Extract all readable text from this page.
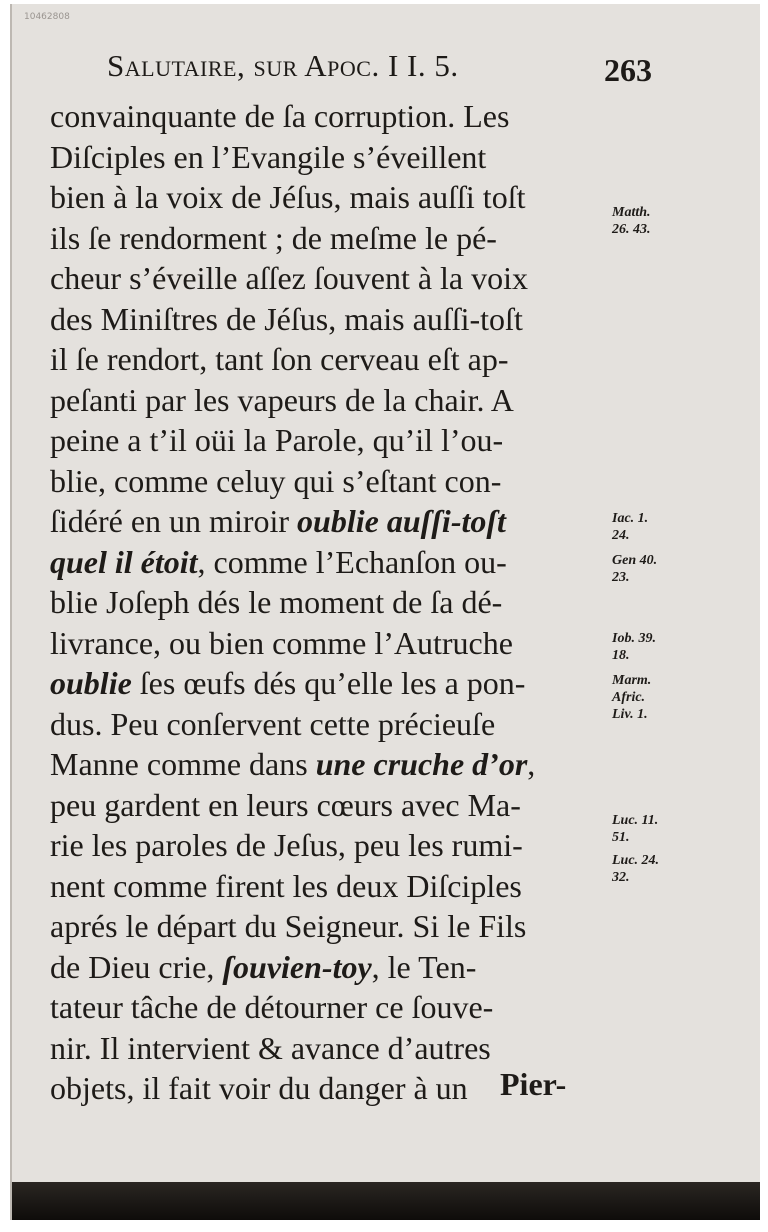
10462808
Salutaire, sur Apoc. I I. 5.	263
convainquante de ſa corruption. Les
Diſciples en l’Evangile s’éveillent
bien à la voix de Jéſus, mais auſſi toſt
ils ſe rendorment ; de meſme le pé-
cheur s’éveille aſſez ſouvent à la voix
des Miniſtres de Jéſus, mais auſſi-toſt
il ſe rendort, tant ſon cerveau eſt ap-
peſanti par les vapeurs de la chair. A
peine a t’il oüi la Parole, qu’il l’ou-
blie, comme celuy qui s’eſtant con-
ſidéré en un miroir oublie auſſi-toſt
quel il étoit, comme l’Echanſon ou-
blie Joſeph dés le moment de ſa dé-
livrance, ou bien comme l’Autruche
oublie ſes œufs dés qu’elle les a pon-
dus. Peu conſervent cette précieuſe
Manne comme dans une cruche d’or,
peu gardent en leurs cœurs avec Ma-
rie les paroles de Jeſus, peu les rumi-
nent comme firent les deux Diſciples
aprés le départ du Seigneur. Si le Fils
de Dieu crie, ſouvien-toy, le Ten-
tateur tâche de détourner ce ſouve-
nir. Il intervient & avance d’autres
objets, il fait voir du danger à un

Matth.
26. 43.

Iac. 1.
24.

Gen 40.
23.

Iob. 39.
18.

Marm.
Afric.
Liv. 1.

Luc. 11.
51.

Luc. 24.
32.

Pier-
